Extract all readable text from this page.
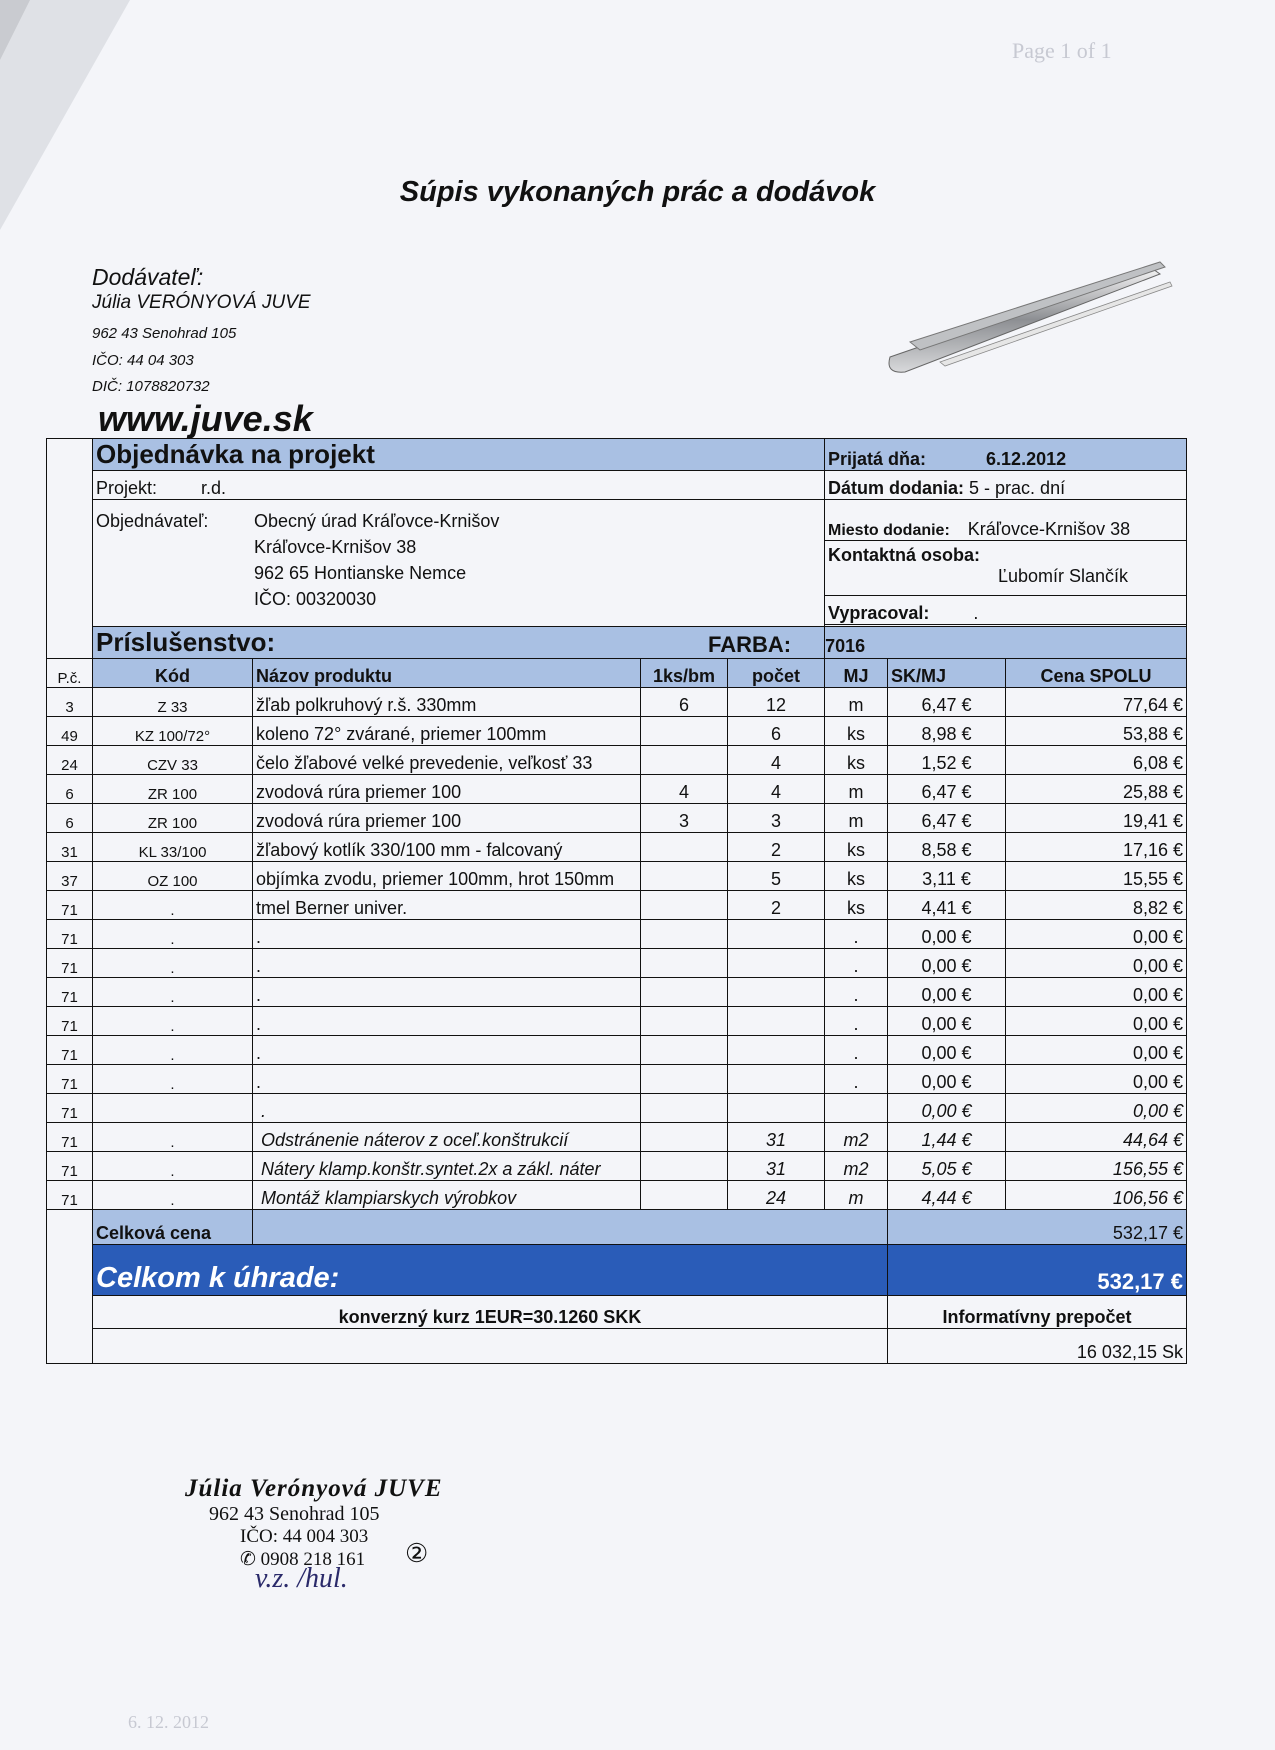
Page 1 of 1
6. 12. 2012
Súpis vykonaných prác a dodávok
Dodávateľ:
Júlia VERÓNYOVÁ JUVE
962 43 Senohrad 105
IČO: 44 04 303
DIČ: 1078820732
www.juve.sk
	Objednávka na projekt				Prijatá dňa: 6.12.2012		
	Projekt: r.d.				Dátum dodania: 5 - prac. dní		

	Objednávateľ: Obecný úrad Kráľovce-Krnišov
Kráľovce-Krnišov 38
962 65 Hontianske Nemce
IČO: 00320030				Miesto dodanie: Kráľovce-Krnišov 38		
					Kontaktná osoba:
Ľubomír Slančík		
					Vypracoval: .		

	Príslušenstvo:				FARBA: 7016		
P.č.	Kód	Názov produktu	1ks/bm	počet	MJ	SK/MJ	Cena SPOLU
3	Z 33	žľab polkruhový r.š. 330mm	6	12	m	6,47 €	77,64 €
49	KZ 100/72°	koleno 72° zvárané, priemer 100mm		6	ks	8,98 €	53,88 €
24	CZV 33	čelo žľabové velké prevedenie, veľkosť 33		4	ks	1,52 €	6,08 €
6	ZR 100	zvodová rúra priemer 100	4	4	m	6,47 €	25,88 €
6	ZR 100	zvodová rúra priemer 100	3	3	m	6,47 €	19,41 €
31	KL 33/100	žľabový kotlík 330/100 mm - falcovaný		2	ks	8,58 €	17,16 €
37	OZ 100	objímka zvodu, priemer 100mm, hrot 150mm		5	ks	3,11 €	15,55 €
71	.	tmel Berner univer.		2	ks	4,41 €	8,82 €
71	.	.			.	0,00 €	0,00 €
71	.	.			.	0,00 €	0,00 €
71	.	.			.	0,00 €	0,00 €
71	.	.			.	0,00 €	0,00 €
71	.	.			.	0,00 €	0,00 €
71	.	.			.	0,00 €	0,00 €
71		.				0,00 €	0,00 €
71	.	Odstránenie náterov z oceľ.konštrukcií		31	m2	1,44 €	44,64 €
71	.	Nátery klamp.konštr.syntet.2x a zákl. náter		31	m2	5,05 €	156,55 €
71	.	Montáž klampiarskych výrobkov		24	m	4,44 €	106,56 €
	Celková cena					532,17 €	
	Celkom k úhrade:					532,17 €	
	konverzný kurz 1EUR=30.1260 SKK					Informatívny prepočet	
						16 032,15 Sk	
Júlia Verónyová JUVE
962 43 Senohrad 105
IČO: 44 004 303
✆ 0908 218 161	②
v.z. /hul.
